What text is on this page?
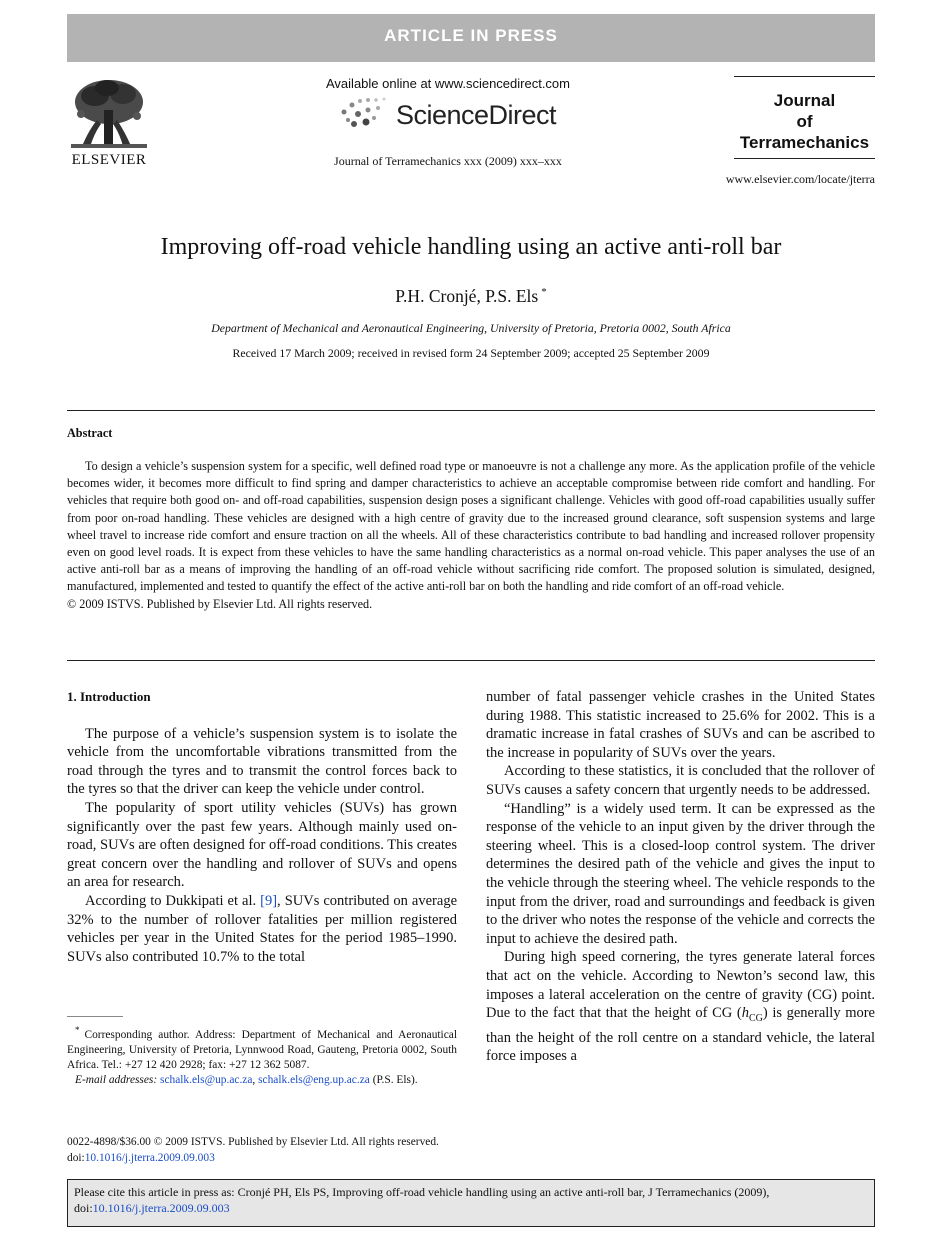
ARTICLE IN PRESS
ELSEVIER
Available online at www.sciencedirect.com
ScienceDirect
Journal of Terramechanics xxx (2009) xxx–xxx
Journal
of
Terramechanics
www.elsevier.com/locate/jterra
Improving off-road vehicle handling using an active anti-roll bar
P.H. Cronjé, P.S. Els *
Department of Mechanical and Aeronautical Engineering, University of Pretoria, Pretoria 0002, South Africa
Received 17 March 2009; received in revised form 24 September 2009; accepted 25 September 2009
Abstract

To design a vehicle’s suspension system for a specific, well defined road type or manoeuvre is not a challenge any more. As the application profile of the vehicle becomes wider, it becomes more difficult to find spring and damper characteristics to achieve an acceptable compromise between ride comfort and handling. For vehicles that require both good on- and off-road capabilities, suspension design poses a significant challenge. Vehicles with good off-road capabilities usually suffer from poor on-road handling. These vehicles are designed with a high centre of gravity due to the increased ground clearance, soft suspension systems and large wheel travel to increase ride comfort and ensure traction on all the wheels. All of these characteristics contribute to bad handling and increased rollover propensity even on good level roads. It is expect from these vehicles to have the same handling characteristics as a normal on-road vehicle. This paper analyses the use of an active anti-roll bar as a means of improving the handling of an off-road vehicle without sacrificing ride comfort. The proposed solution is simulated, designed, manufactured, implemented and tested to quantify the effect of the active anti-roll bar on both the handling and ride comfort of an off-road vehicle.

© 2009 ISTVS. Published by Elsevier Ltd. All rights reserved.

1. Introduction

The purpose of a vehicle’s suspension system is to isolate the vehicle from the uncomfortable vibrations transmitted from the road through the tyres and to transmit the control forces back to the tyres so that the driver can keep the vehicle under control.

The popularity of sport utility vehicles (SUVs) has grown significantly over the past few years. Although mainly used on-road, SUVs are often designed for off-road conditions. This creates great concern over the handling and rollover of SUVs and opens an area for research.

According to Dukkipati et al. [9], SUVs contributed on average 32% to the number of rollover fatalities per million registered vehicles per year in the United States for the period 1985–1990. SUVs also contributed 10.7% to the total

* Corresponding author. Address: Department of Mechanical and Aeronautical Engineering, University of Pretoria, Lynnwood Road, Gauteng, Pretoria 0002, South Africa. Tel.: +27 12 420 2928; fax: +27 12 362 5087.

E-mail addresses: schalk.els@up.ac.za, schalk.els@eng.up.ac.za (P.S. Els).

number of fatal passenger vehicle crashes in the United States during 1988. This statistic increased to 25.6% for 2002. This is a dramatic increase in fatal crashes of SUVs and can be ascribed to the increase in popularity of SUVs over the years.

According to these statistics, it is concluded that the rollover of SUVs causes a safety concern that urgently needs to be addressed.

“Handling” is a widely used term. It can be expressed as the response of the vehicle to an input given by the driver through the steering wheel. This is a closed-loop control system. The driver determines the desired path of the vehicle and gives the input to the vehicle through the steering wheel. The vehicle responds to the input from the driver, road and surroundings and feedback is given to the driver who notes the response of the vehicle and corrects the input to achieve the desired path.

During high speed cornering, the tyres generate lateral forces that act on the vehicle. According to Newton’s second law, this imposes a lateral acceleration on the centre of gravity (CG) point. Due to the fact that that the height of CG $(h_{CG})$ is generally more than the height of the roll centre on a standard vehicle, the lateral force imposes a

0022-4898/$36.00 © 2009 ISTVS. Published by Elsevier Ltd. All rights reserved.
doi:10.1016/j.jterra.2009.09.003
Please cite this article in press as: Cronjé PH, Els PS, Improving off-road vehicle handling using an active anti-roll bar, J Terramechanics (2009),
doi:10.1016/j.jterra.2009.09.003
